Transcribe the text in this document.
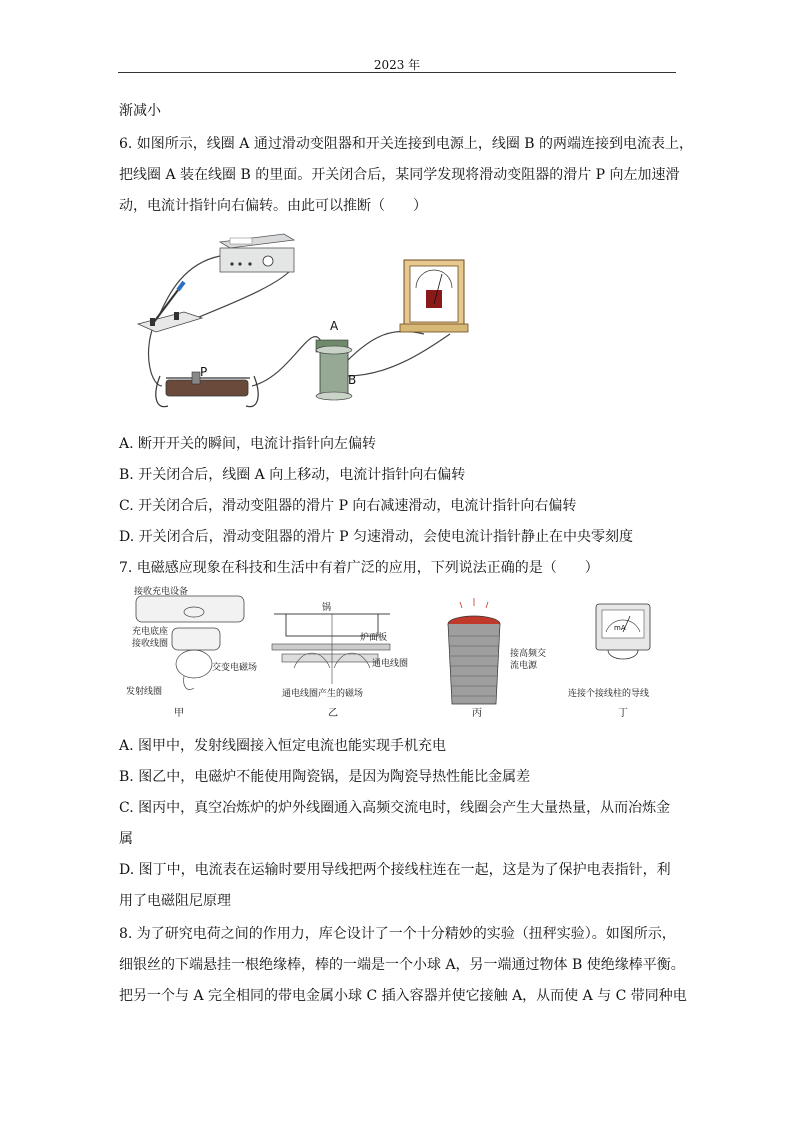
2023 年
渐减小
6. 如图所示，线圈 A 通过滑动变阻器和开关连接到电源上，线圈 B 的两端连接到电流表上，
把线圈 A 装在线圈 B 的里面。开关闭合后，某同学发现将滑动变阻器的滑片 P 向左加速滑
动，电流计指针向右偏转。由此可以推断（　　）
P
A
B
A. 断开开关的瞬间，电流计指针向左偏转
B. 开关闭合后，线圈 A 向上移动，电流计指针向右偏转
C. 开关闭合后，滑动变阻器的滑片 P 向右减速滑动，电流计指针向右偏转
D. 开关闭合后，滑动变阻器的滑片 P 匀速滑动，会使电流计指针静止在中央零刻度
7. 电磁感应现象在科技和生活中有着广泛的应用，下列说法正确的是（　　）
接收充电设备
充电底座
接收线圈
交变电磁场
发射线圈
甲
锅
炉面板
通电线圈
通电线圈产生的磁场
乙
接高频交
流电源
丙
mA
连接个接线柱的导线
丁
A. 图甲中，发射线圈接入恒定电流也能实现手机充电
B. 图乙中，电磁炉不能使用陶瓷锅，是因为陶瓷导热性能比金属差
C. 图丙中，真空冶炼炉的炉外线圈通入高频交流电时，线圈会产生大量热量，从而冶炼金
属
D. 图丁中，电流表在运输时要用导线把两个接线柱连在一起，这是为了保护电表指针，利
用了电磁阻尼原理
8. 为了研究电荷之间的作用力，库仑设计了一个十分精妙的实验（扭秤实验）。如图所示，
细银丝的下端悬挂一根绝缘棒，棒的一端是一个小球 A，另一端通过物体 B 使绝缘棒平衡。
把另一个与 A 完全相同的带电金属小球 C 插入容器并使它接触 A，从而使 A 与 C 带同种电
